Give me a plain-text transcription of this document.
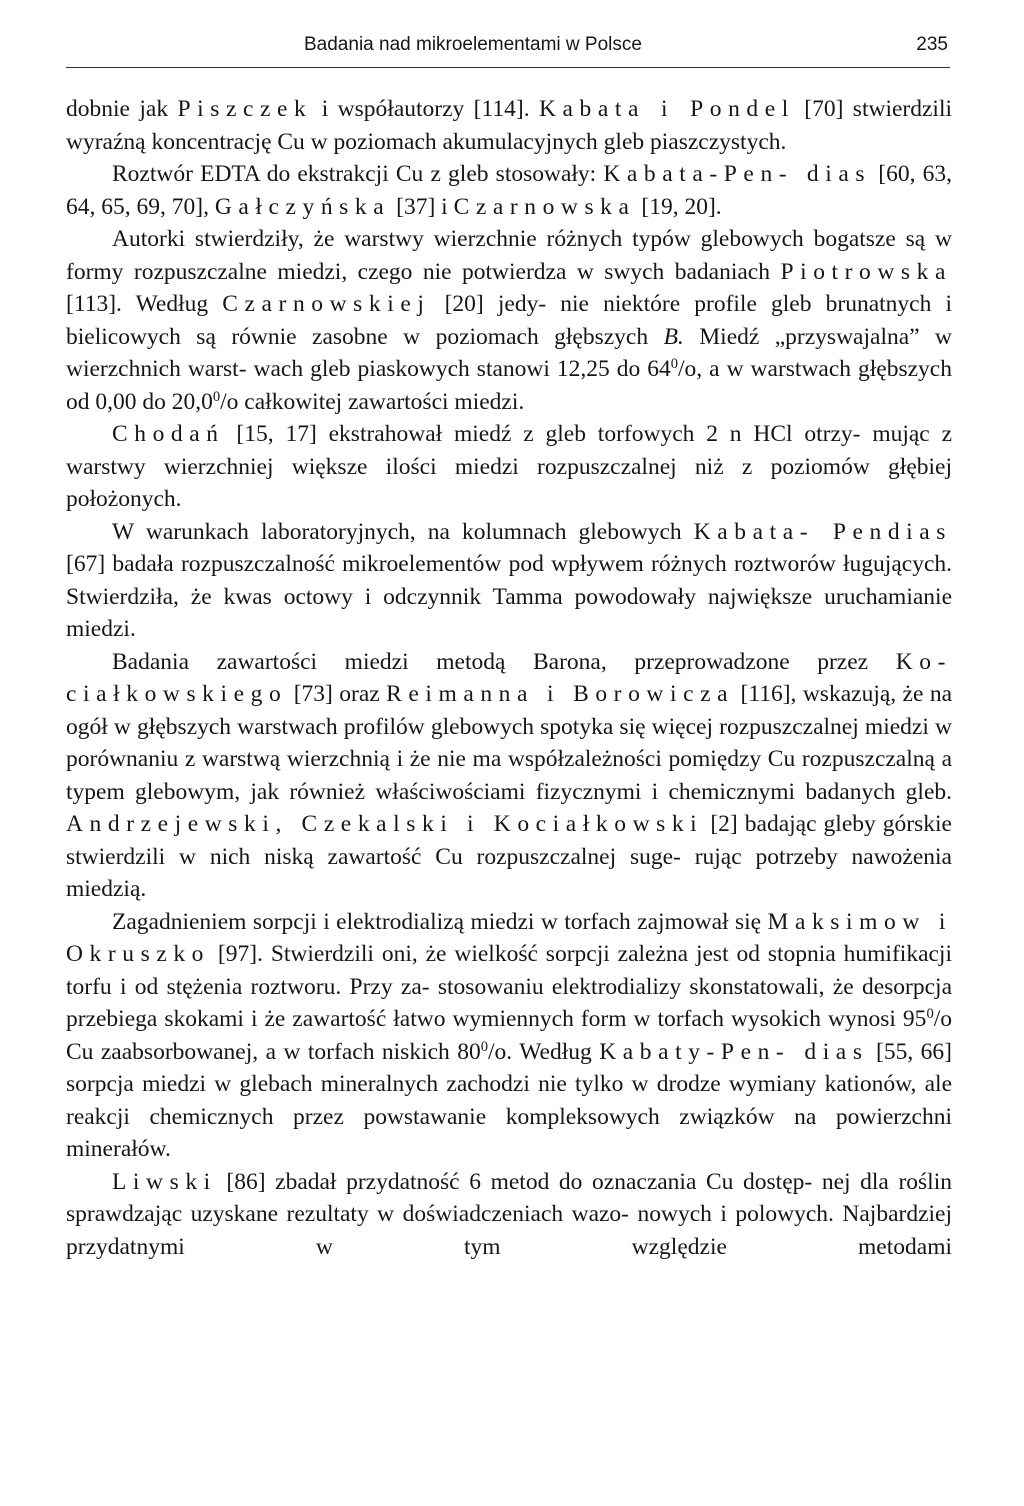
Badania nad mikroelementami w Polsce	235

dobnie jak Piszczek i współautorzy [114]. Kabata i Pondel [70] stwierdzili wyraźną koncentrację Cu w poziomach akumulacyjnych gleb piaszczystych.

Roztwór EDTA do ekstrakcji Cu z gleb stosowały: Kabata-Pen- dias [60, 63, 64, 65, 69, 70], Gałczyńska [37] i Czarnowska [19, 20].

Autorki stwierdziły, że warstwy wierzchnie różnych typów glebowych bogatsze są w formy rozpuszczalne miedzi, czego nie potwierdza w swych badaniach Piotrowska [113]. Według Czarnowskiej [20] jedy- nie niektóre profile gleb brunatnych i bielicowych są równie zasobne w poziomach głębszych B. Miedź „przyswajalna” w wierzchnich warst- wach gleb piaskowych stanowi 12,25 do $64^0/o$, a w warstwach głębszych od 0,00 do 20,0$^0$/o całkowitej zawartości miedzi.

Chodań [15, 17] ekstrahował miedź z gleb torfowych 2 n HCl otrzy- mując z warstwy wierzchniej większe ilości miedzi rozpuszczalnej niż z poziomów głębiej położonych.

W warunkach laboratoryjnych, na kolumnach glebowych Kabata- Pendias [67] badała rozpuszczalność mikroelementów pod wpływem różnych roztworów ługujących. Stwierdziła, że kwas octowy i odczynnik Tamma powodowały największe uruchamianie miedzi.

Badania zawartości miedzi metodą Barona, przeprowadzone przez Ko- ciałkowskiego [73] oraz Reimanna i Borowicza [116], wskazują, że na ogół w głębszych warstwach profilów glebowych spotyka się więcej rozpuszczalnej miedzi w porównaniu z warstwą wierzchnią i że nie ma współzależności pomiędzy Cu rozpuszczalną a typem glebowym, jak również właściwościami fizycznymi i chemicznymi badanych gleb. Andrzejewski, Czekalski i Kociałkowski [2] badając gleby górskie stwierdzili w nich niską zawartość Cu rozpuszczalnej suge- rując potrzeby nawożenia miedzią.

Zagadnieniem sorpcji i elektrodializą miedzi w torfach zajmował się Maksimow i Okruszko [97]. Stwierdzili oni, że wielkość sorpcji zależna jest od stopnia humifikacji torfu i od stężenia roztworu. Przy za- stosowaniu elektrodializy skonstatowali, że desorpcja przebiega skokami i że zawartość łatwo wymiennych form w torfach wysokich wynosi $95^0/o$ Cu zaabsorbowanej, a w torfach niskich $80^0/o$. Według Kabaty-Pen- dias [55, 66] sorpcja miedzi w glebach mineralnych zachodzi nie tylko w drodze wymiany kationów, ale reakcji chemicznych przez powstawanie kompleksowych związków na powierzchni minerałów.

Liwski [86] zbadał przydatność 6 metod do oznaczania Cu dostęp- nej dla roślin sprawdzając uzyskane rezultaty w doświadczeniach wazo- nowych i polowych. Najbardziej przydatnymi w tym względzie metodami
